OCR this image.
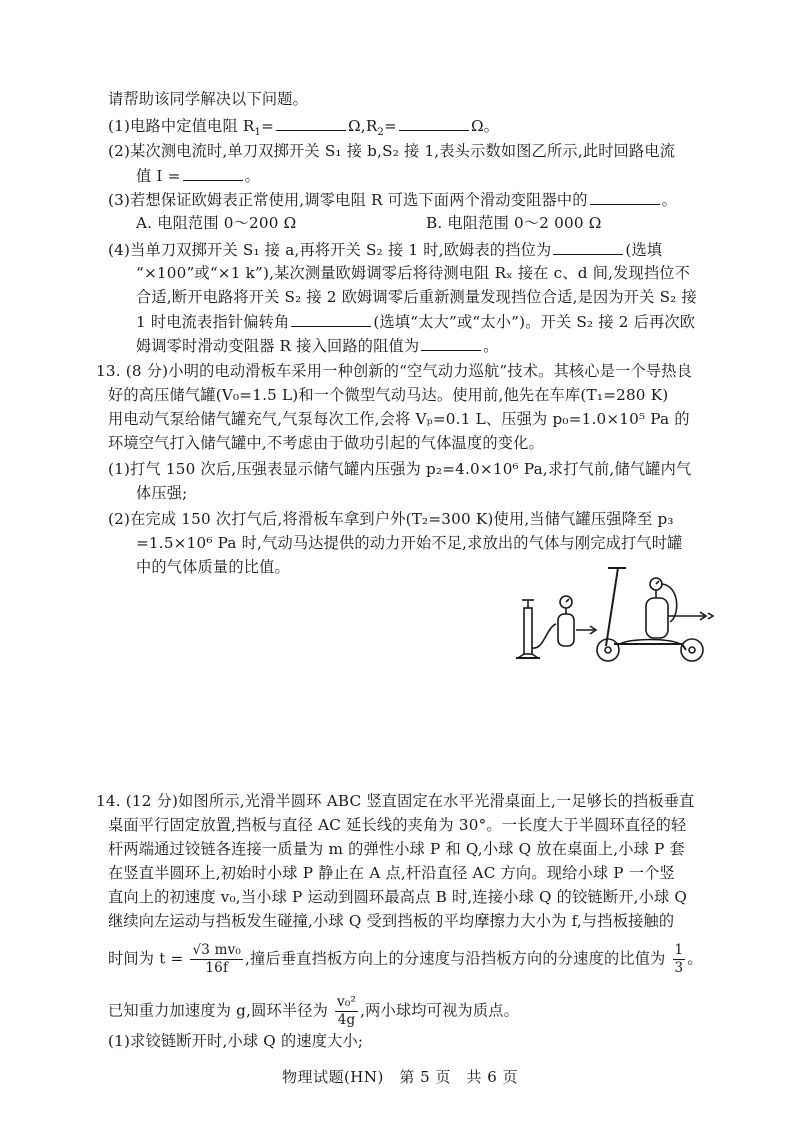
请帮助该同学解决以下问题。
(1)电路中定值电阻 $R_1=$	$\Omega,R_2=$	Ω。
(2)某次测电流时,单刀双掷开关 S₁ 接 b,S₂ 接 1,表头示数如图乙所示,此时回路电流
值 I =	。
(3)若想保证欧姆表正常使用,调零电阻 R 可选下面两个滑动变阻器中的	。
A. 电阻范围 0～200 Ω	B. 电阻范围 0～2 000 Ω
(4)当单刀双掷开关 S₁ 接 a,再将开关 S₂ 接 1 时,欧姆表的挡位为	(选填
“×100”或“×1 k”),某次测量欧姆调零后将待测电阻 Rₓ 接在 c、d 间,发现挡位不
合适,断开电路将开关 S₂ 接 2 欧姆调零后重新测量发现挡位合适,是因为开关 S₂ 接
1 时电流表指针偏转角	(选填“太大”或“太小”)。开关 S₂ 接 2 后再次欧
姆调零时滑动变阻器 R 接入回路的阻值为	。
13. (8 分)小明的电动滑板车采用一种创新的“空气动力巡航”技术。其核心是一个导热良
好的高压储气罐(V₀=1.5 L)和一个微型气动马达。使用前,他先在车库(T₁=280 K)
用电动气泵给储气罐充气,气泵每次工作,会将 Vₚ=0.1 L、压强为 p₀=1.0×10⁵ Pa 的
环境空气打入储气罐中,不考虑由于做功引起的气体温度的变化。
(1)打气 150 次后,压强表显示储气罐内压强为 p₂=4.0×10⁶ Pa,求打气前,储气罐内气
体压强;
(2)在完成 150 次打气后,将滑板车拿到户外(T₂=300 K)使用,当储气罐压强降至 p₃
=1.5×10⁶ Pa 时,气动马达提供的动力开始不足,求放出的气体与刚完成打气时罐
中的气体质量的比值。
14. (12 分)如图所示,光滑半圆环 ABC 竖直固定在水平光滑桌面上,一足够长的挡板垂直
桌面平行固定放置,挡板与直径 AC 延长线的夹角为 30°。一长度大于半圆环直径的轻
杆两端通过铰链各连接一质量为 m 的弹性小球 P 和 Q,小球 Q 放在桌面上,小球 P 套
在竖直半圆环上,初始时小球 P 静止在 A 点,杆沿直径 AC 方向。现给小球 P 一个竖
直向上的初速度 v₀,当小球 P 运动到圆环最高点 B 时,连接小球 Q 的铰链断开,小球 Q
继续向左运动与挡板发生碰撞,小球 Q 受到挡板的平均摩擦力大小为 f,与挡板接触的
时间为 $t = \frac{\text{√3 mv₀}}{16f}$ ,撞后垂直挡板方向上的分速度与沿挡板方向的分速度的比值为 $\frac{1}{3}$ 。
已知重力加速度为 g,圆环半径为 $\frac{\text{v₀²}}{4g}$ ,两小球均可视为质点。
(1)求铰链断开时,小球 Q 的速度大小;
物理试题(HN)　第 5 页　共 6 页
